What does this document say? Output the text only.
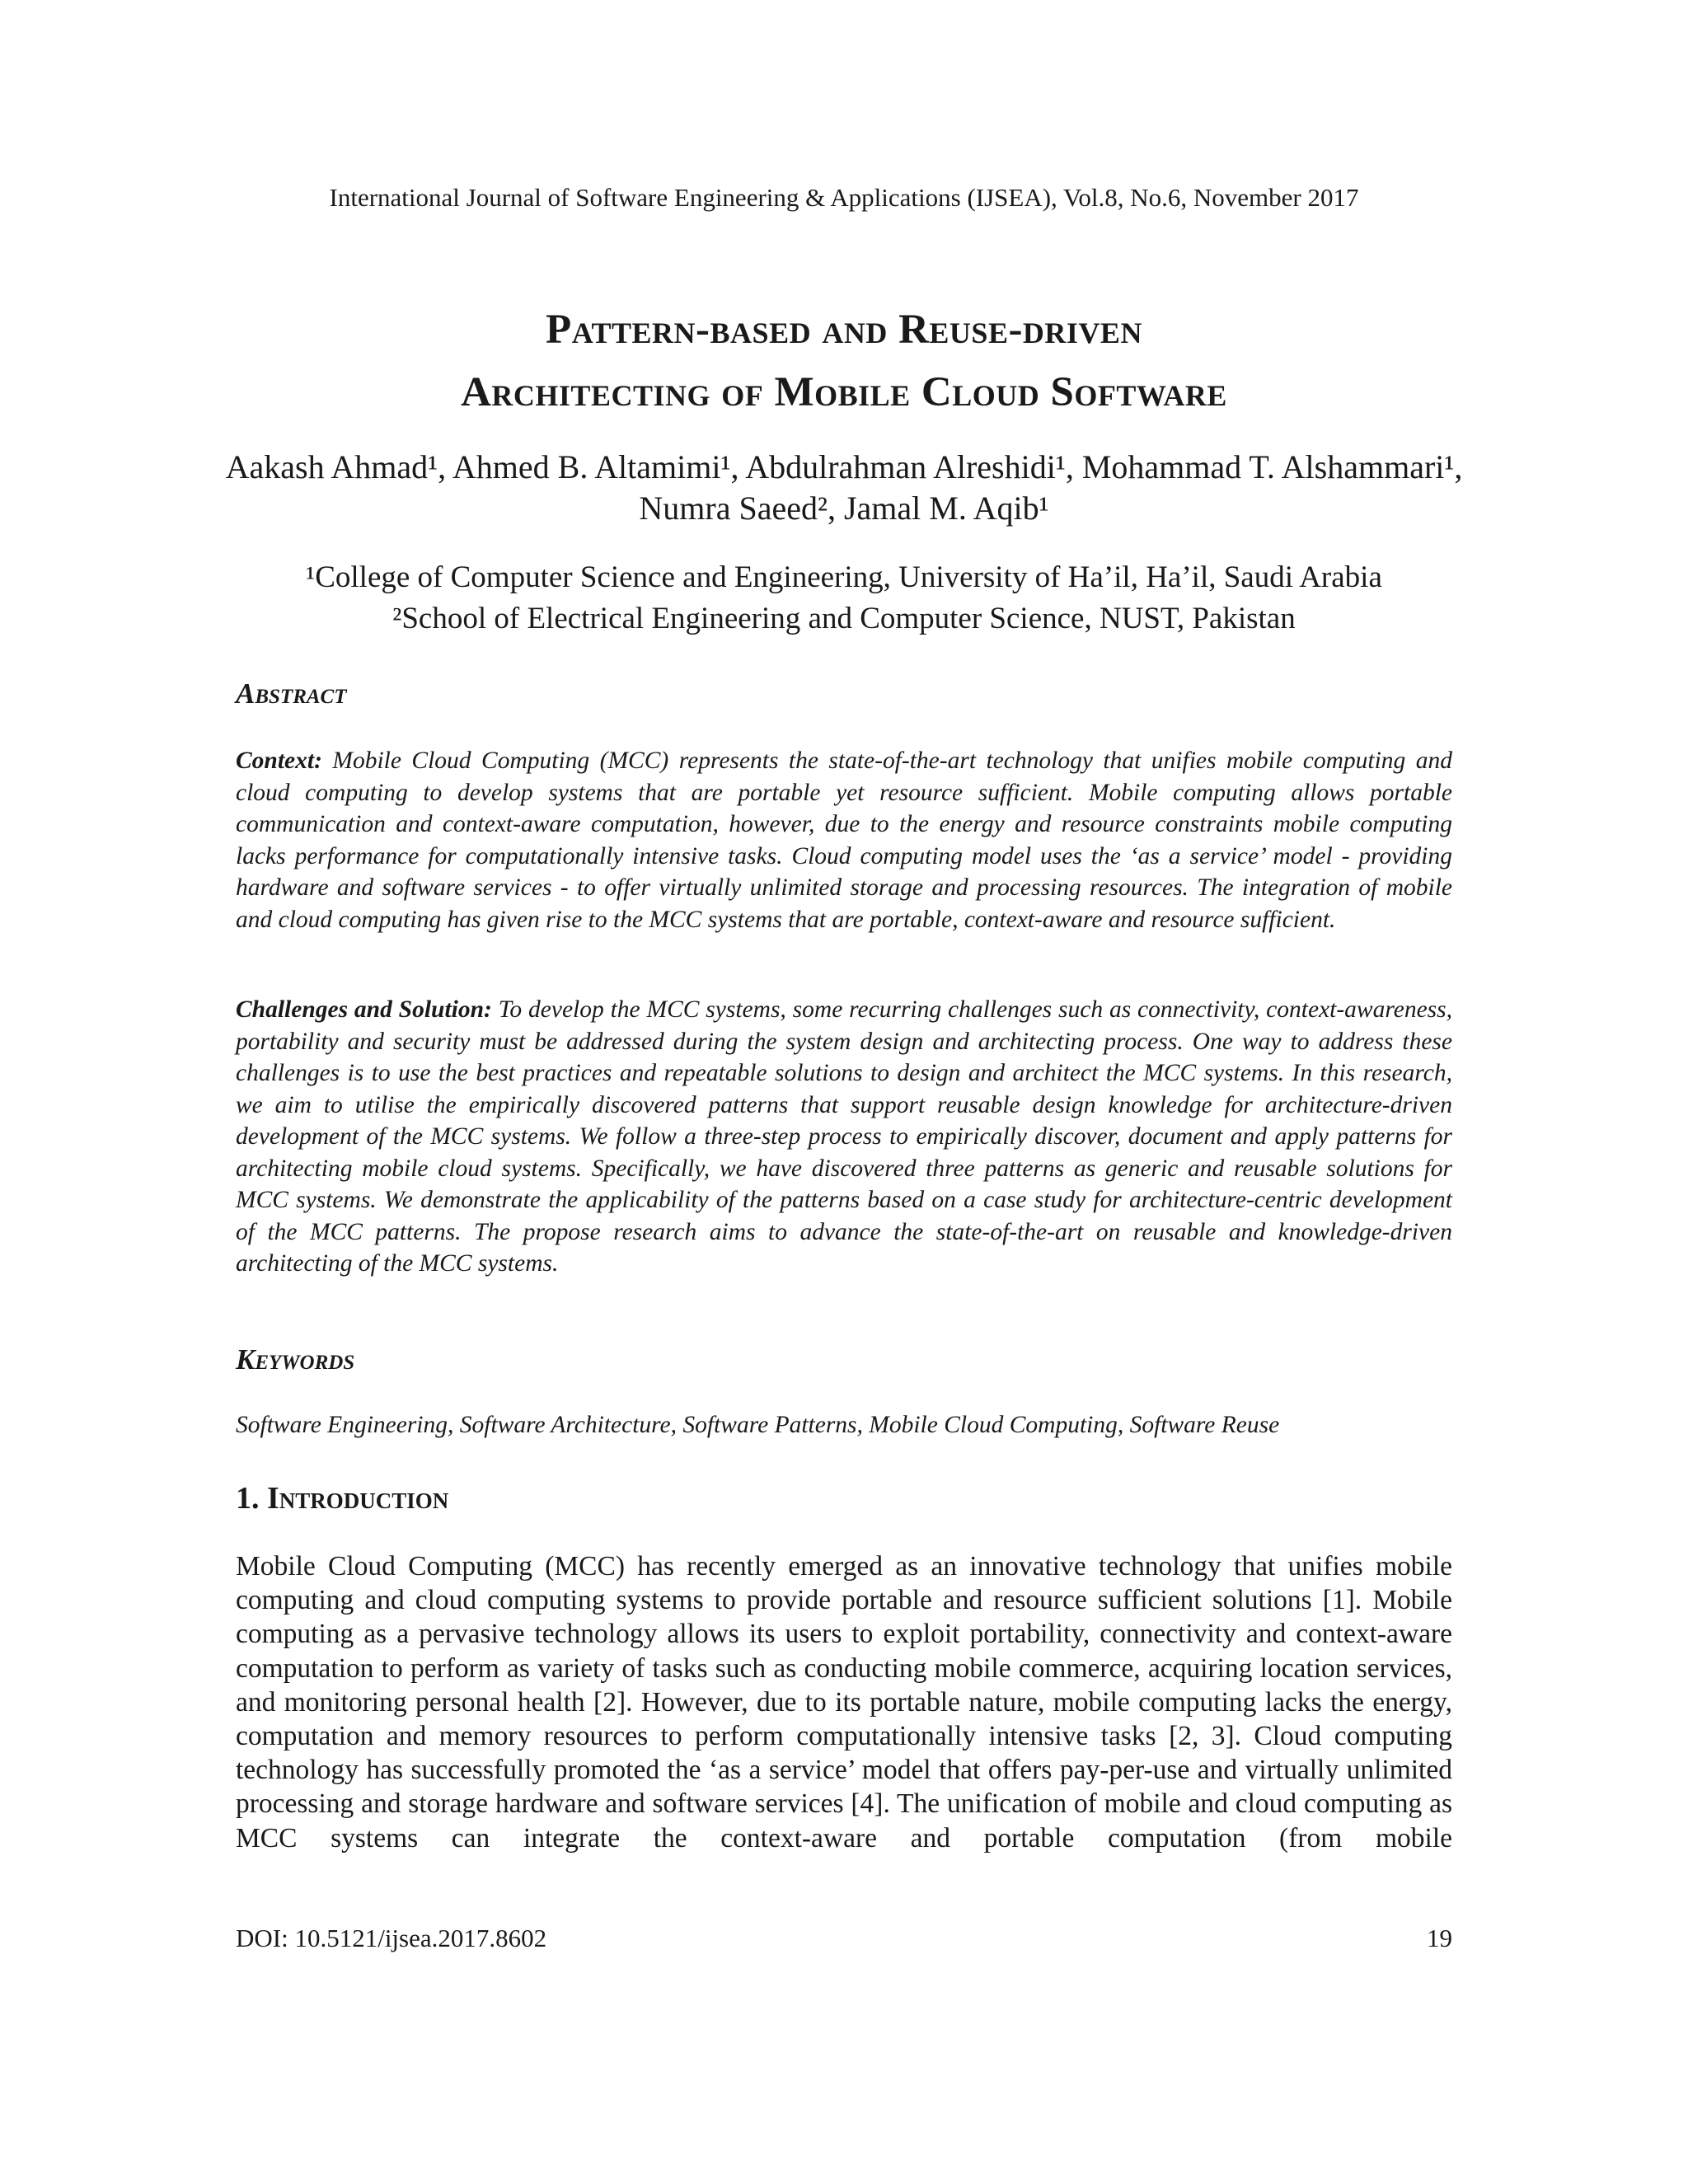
International Journal of Software Engineering & Applications (IJSEA), Vol.8, No.6, November 2017
Pattern-based and Reuse-driven
Architecting of Mobile Cloud Software
Aakash Ahmad¹, Ahmed B. Altamimi¹, Abdulrahman Alreshidi¹, Mohammad T. Alshammari¹, Numra Saeed², Jamal M. Aqib¹
¹College of Computer Science and Engineering, University of Ha’il, Ha’il, Saudi Arabia
²School of Electrical Engineering and Computer Science, NUST, Pakistan
Abstract
Context: Mobile Cloud Computing (MCC) represents the state-of-the-art technology that unifies mobile computing and cloud computing to develop systems that are portable yet resource sufficient. Mobile computing allows portable communication and context-aware computation, however, due to the energy and resource constraints mobile computing lacks performance for computationally intensive tasks. Cloud computing model uses the ‘as a service’ model - providing hardware and software services - to offer virtually unlimited storage and processing resources. The integration of mobile and cloud computing has given rise to the MCC systems that are portable, context-aware and resource sufficient.
Challenges and Solution: To develop the MCC systems, some recurring challenges such as connectivity, context-awareness, portability and security must be addressed during the system design and architecting process. One way to address these challenges is to use the best practices and repeatable solutions to design and architect the MCC systems. In this research, we aim to utilise the empirically discovered patterns that support reusable design knowledge for architecture-driven development of the MCC systems. We follow a three-step process to empirically discover, document and apply patterns for architecting mobile cloud systems. Specifically, we have discovered three patterns as generic and reusable solutions for MCC systems. We demonstrate the applicability of the patterns based on a case study for architecture-centric development of the MCC patterns. The propose research aims to advance the state-of-the-art on reusable and knowledge-driven architecting of the MCC systems.
Keywords
Software Engineering, Software Architecture, Software Patterns, Mobile Cloud Computing, Software Reuse
1. Introduction
Mobile Cloud Computing (MCC) has recently emerged as an innovative technology that unifies mobile computing and cloud computing systems to provide portable and resource sufficient solutions [1]. Mobile computing as a pervasive technology allows its users to exploit portability, connectivity and context-aware computation to perform as variety of tasks such as conducting mobile commerce, acquiring location services, and monitoring personal health [2]. However, due to its portable nature, mobile computing lacks the energy, computation and memory resources to perform computationally intensive tasks [2, 3]. Cloud computing technology has successfully promoted the ‘as a service’ model that offers pay-per-use and virtually unlimited processing and storage hardware and software services [4]. The unification of mobile and cloud computing as MCC systems can integrate the context-aware and portable computation (from mobile
DOI: 10.5121/ijsea.2017.8602	19
